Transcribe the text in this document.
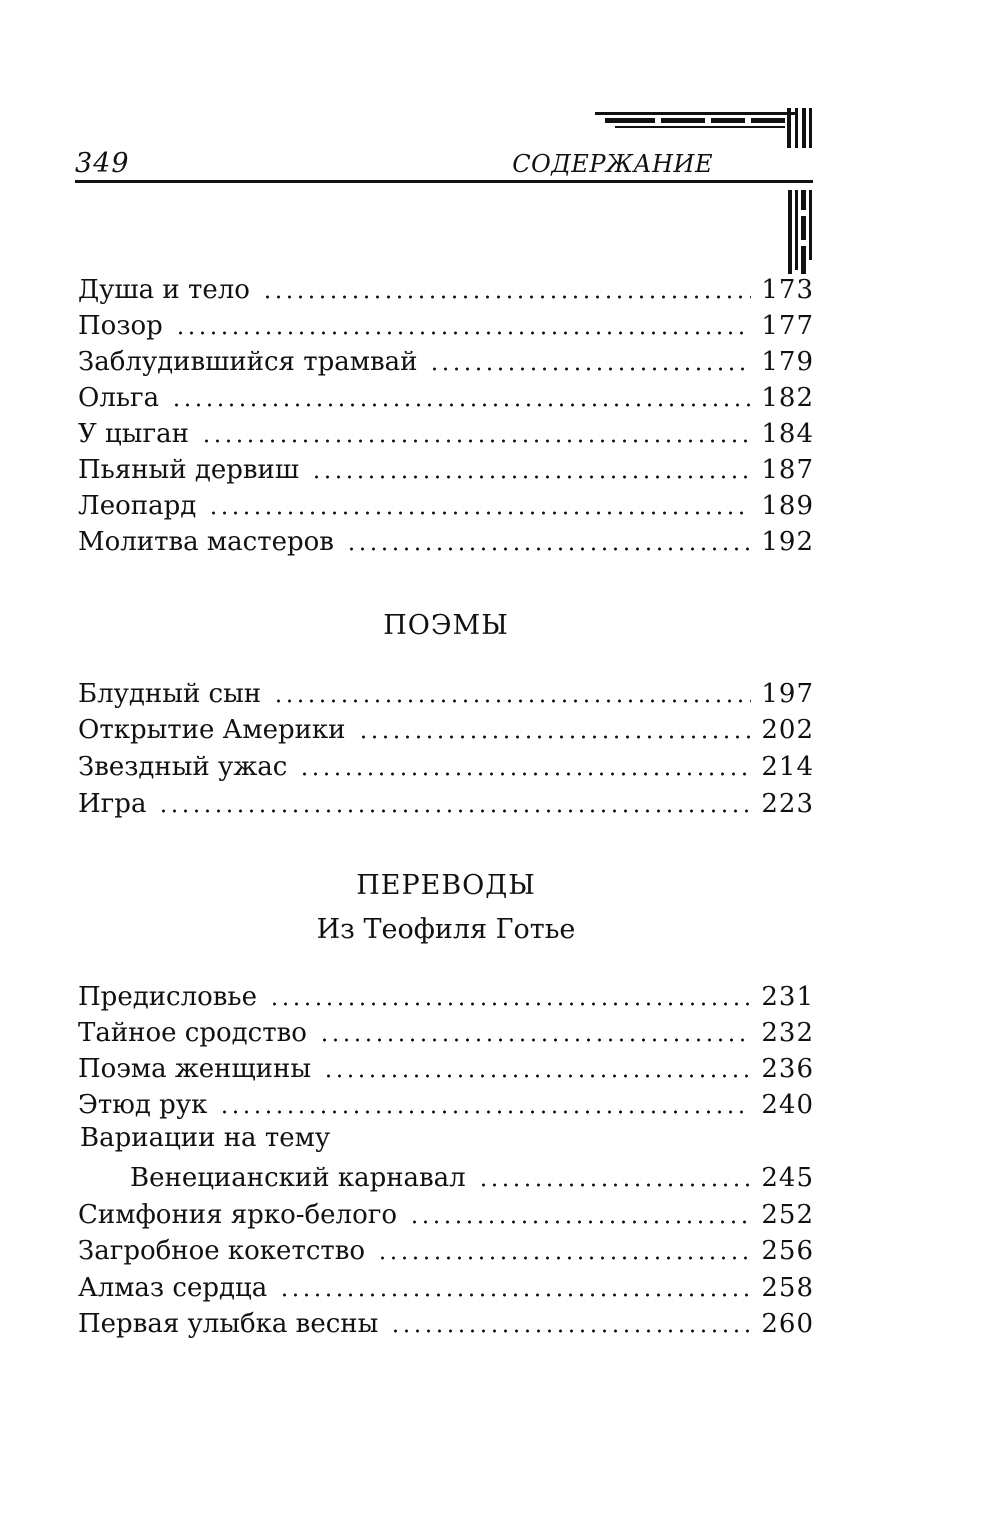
349	СОДЕРЖАНИЕ
Душа и тело	173
Позор	177
Заблудившийся трамвай	179
Ольга	182
У цыган	184
Пьяный дервиш	187
Леопард	189
Молитва мастеров	192
ПОЭМЫ
Блудный сын	197
Открытие Америки	202
Звездный ужас	214
Игра	223
ПЕРЕВОДЫ
Из Теофиля Готье
Предисловье	231
Тайное сродство	232
Поэма женщины	236
Этюд рук	240
Вариации на тему
Венецианский карнавал	245
Симфония ярко-белого	252
Загробное кокетство	256
Алмаз сердца	258
Первая улыбка весны	260
